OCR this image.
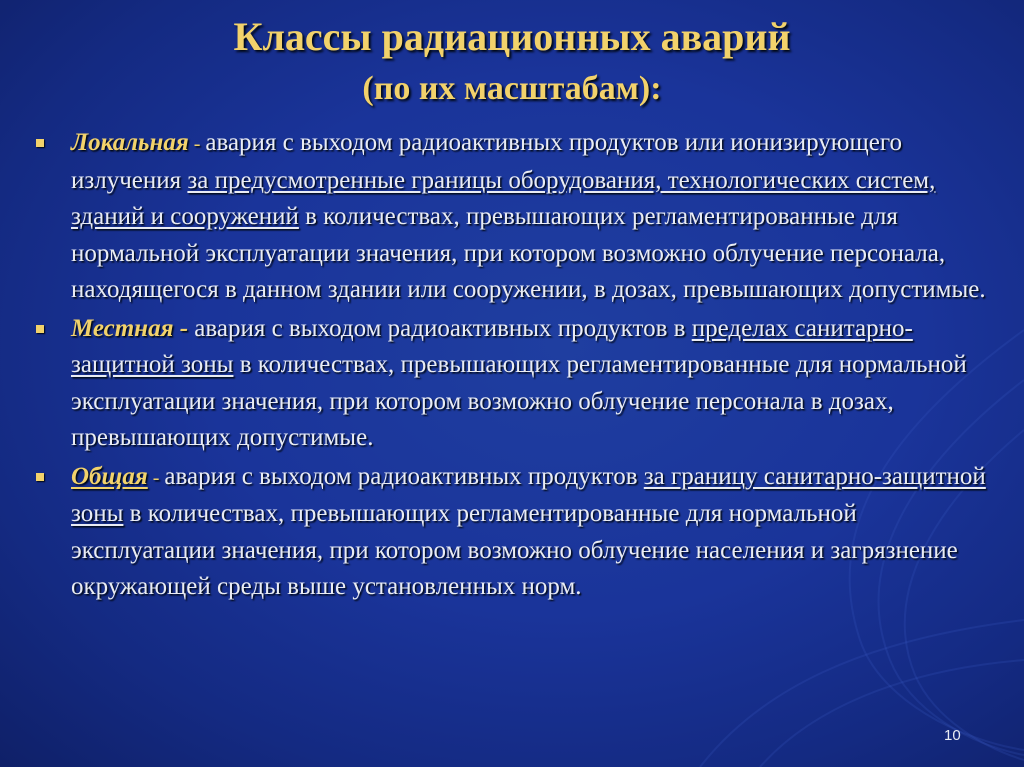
Классы радиационных аварий
(по их масштабам):
Локальная - авария с выходом радиоактивных продуктов или ионизирующего излучения за предусмотренные границы оборудования, технологических систем, зданий и сооружений в количествах, превышающих регламентированные для нормальной эксплуатации значения, при котором возможно облучение персонала, находящегося в данном здании или сооружении, в дозах, превышающих допустимые.
Местная - авария с выходом радиоактивных продуктов в пределах санитарно-защитной зоны в количествах, превышающих регламентированные для нормальной эксплуатации значения, при котором возможно облучение персонала в дозах, превышающих допустимые.
Общая - авария с выходом радиоактивных продуктов за границу санитарно-защитной зоны в количествах, превышающих регламентированные для нормальной эксплуатации значения, при котором возможно облучение населения и загрязнение окружающей среды выше установленных норм.
10
